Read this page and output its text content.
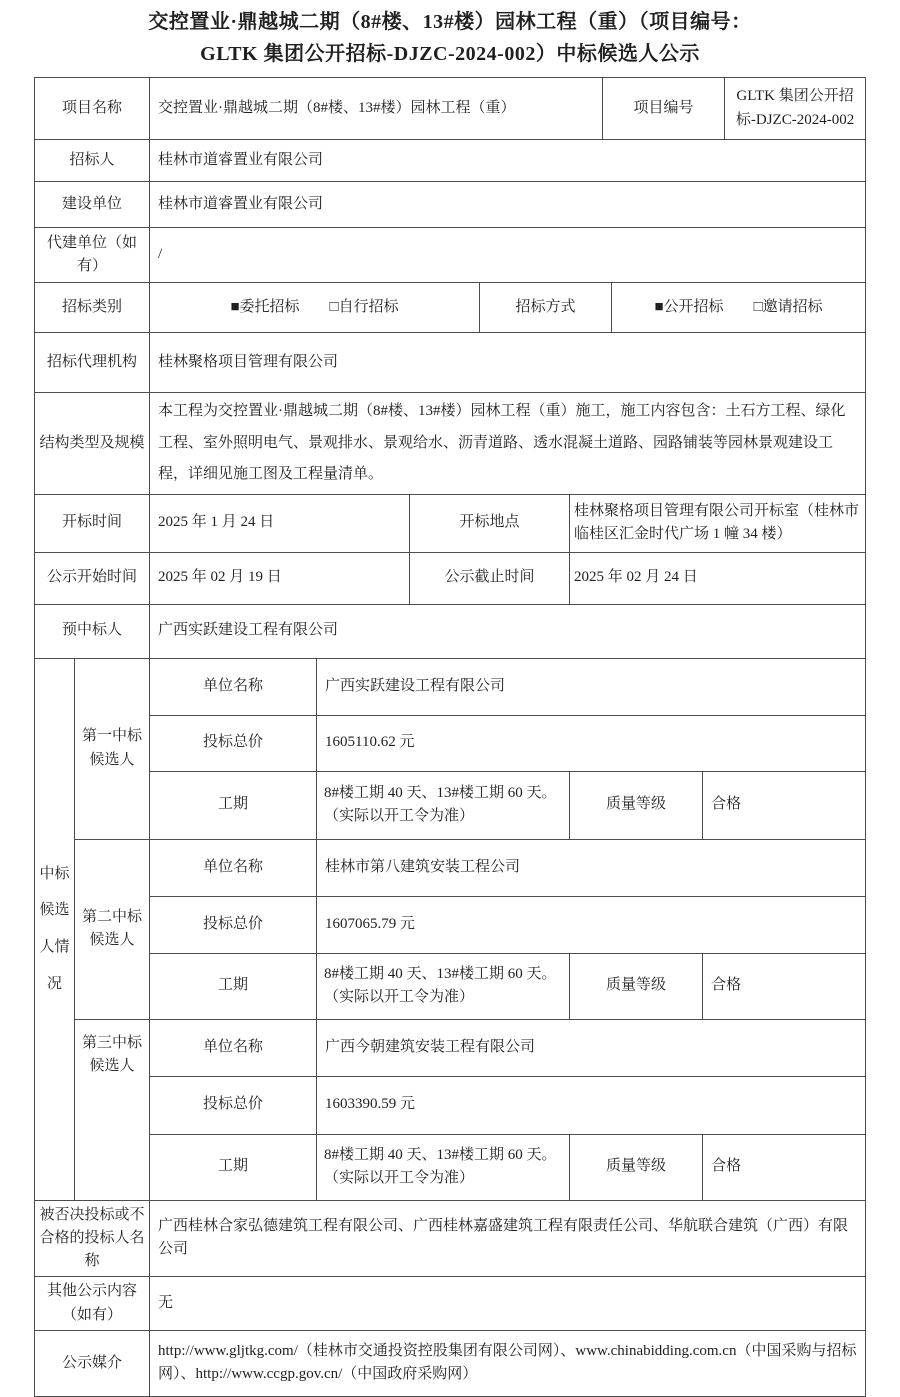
交控置业·鼎越城二期（8#楼、13#楼）园林工程（重）（项目编号：
GLTK 集团公开招标-DJZC-2024-002）中标候选人公示
项目名称		交控置业·鼎越城二期（8#楼、13#楼）园林工程（重）					项目编号			GLTK 集团公开招标-DJZC-2024-002
招标人		桂林市道睿置业有限公司								
建设单位		桂林市道睿置业有限公司								
代建单位（如有）		/								
招标类别		■委托招标 □自行招标			招标方式			■公开招标 □邀请招标		
招标代理机构		桂林聚格项目管理有限公司								
结构类型及规模		本工程为交控置业·鼎越城二期（8#楼、13#楼）园林工程（重）施工，施工内容包含：土石方工程、绿化工程、室外照明电气、景观排水、景观给水、沥青道路、透水混凝土道路、园路铺装等园林景观建设工程，详细见施工图及工程量清单。								
开标时间		2025 年 1 月 24 日		开标地点		桂林聚格项目管理有限公司开标室（桂林市临桂区汇金时代广场 1 幢 34 楼）				
公示开始时间		2025 年 02 月 19 日		公示截止时间		2025 年 02 月 24 日				
预中标人		广西实跃建设工程有限公司								
中标候选人情况	第一中标候选人	单位名称	广西实跃建设工程有限公司							
		投标总价	1605110.62 元							
		工期	8#楼工期 40 天、13#楼工期 60 天。（实际以开工令为准）			质量等级			合格	
	第二中标候选人	单位名称	桂林市第八建筑安装工程公司							
		投标总价	1607065.79 元							
		工期	8#楼工期 40 天、13#楼工期 60 天。（实际以开工令为准）			质量等级			合格	
	第三中标候选人	单位名称	广西今朝建筑安装工程有限公司							
		投标总价	1603390.59 元							
		工期	8#楼工期 40 天、13#楼工期 60 天。（实际以开工令为准）			质量等级			合格	
被否决投标或不合格的投标人名称		广西桂林合家弘德建筑工程有限公司、广西桂林嘉盛建筑工程有限责任公司、华航联合建筑（广西）有限公司								
其他公示内容（如有）		无								
公示媒介		http://www.gljtkg.com/（桂林市交通投资控股集团有限公司网）、www.chinabidding.com.cn（中国采购与招标网）、http://www.ccgp.gov.cn/（中国政府采购网）								
